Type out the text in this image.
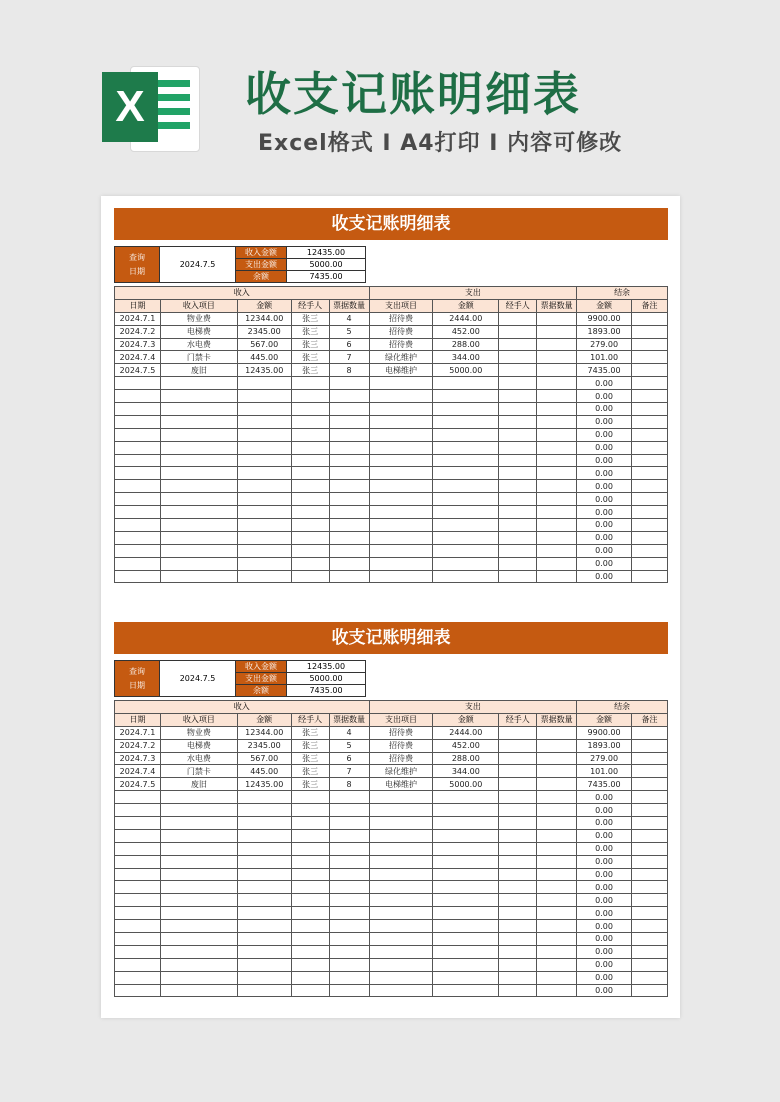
X 收支记账明细表
Excel格式 I A4打印 I 内容可修改
收支记账明细表
查询
日期	2024.7.5	收入金额	12435.00
		支出金额	5000.00
		余额	7435.00
收入					支出				结余	
日期	收入项目	金额	经手人	票据数量	支出项目	金额	经手人	票据数量	金额	备注
2024.7.1	物业费	12344.00	张三	4	招待费	2444.00			9900.00	
2024.7.2	电梯费	2345.00	张三	5	招待费	452.00			1893.00	
2024.7.3	水电费	567.00	张三	6	招待费	288.00			279.00	
2024.7.4	门禁卡	445.00	张三	7	绿化维护	344.00			101.00	
2024.7.5	废旧	12435.00	张三	8	电梯维护	5000.00			7435.00	
									0.00	
									0.00	
									0.00	
									0.00	
									0.00	
									0.00	
									0.00	
									0.00	
									0.00	
									0.00	
									0.00	
									0.00	
									0.00	
									0.00	
									0.00	
									0.00	
收支记账明细表
查询
日期	2024.7.5	收入金额	12435.00
		支出金额	5000.00
		余额	7435.00
收入					支出				结余	
日期	收入项目	金额	经手人	票据数量	支出项目	金额	经手人	票据数量	金额	备注
2024.7.1	物业费	12344.00	张三	4	招待费	2444.00			9900.00	
2024.7.2	电梯费	2345.00	张三	5	招待费	452.00			1893.00	
2024.7.3	水电费	567.00	张三	6	招待费	288.00			279.00	
2024.7.4	门禁卡	445.00	张三	7	绿化维护	344.00			101.00	
2024.7.5	废旧	12435.00	张三	8	电梯维护	5000.00			7435.00	
									0.00	
									0.00	
									0.00	
									0.00	
									0.00	
									0.00	
									0.00	
									0.00	
									0.00	
									0.00	
									0.00	
									0.00	
									0.00	
									0.00	
									0.00	
									0.00	
